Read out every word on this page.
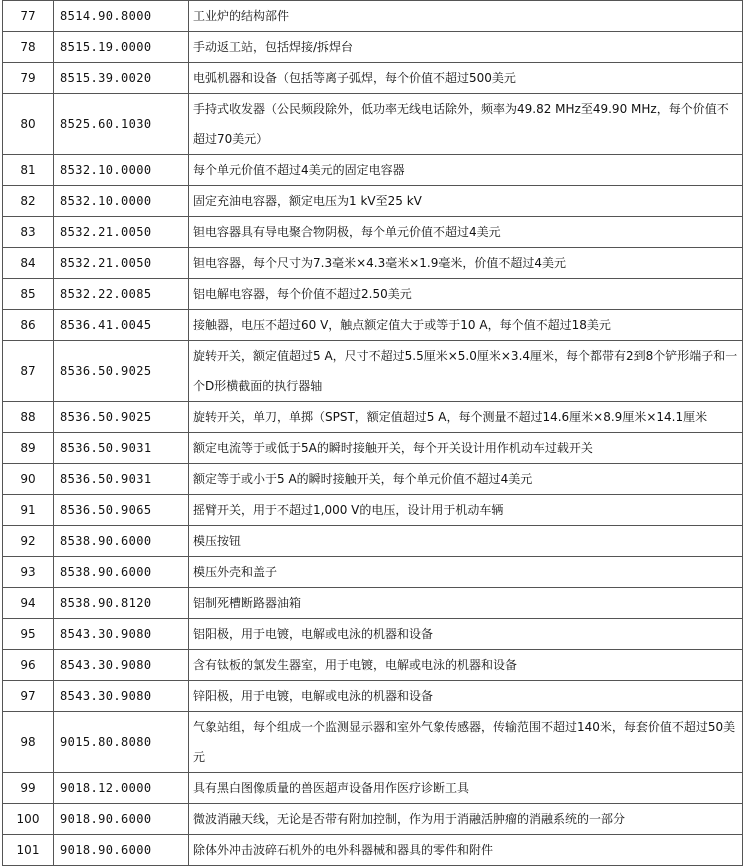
77	8514.90.8000	工业炉的结构部件
78	8515.19.0000	手动返工站，包括焊接/拆焊台
79	8515.39.0020	电弧机器和设备（包括等离子弧焊，每个价值不超过500美元
80	8525.60.1030	手持式收发器（公民频段除外，低功率无线电话除外，频率为49.82 MHz至49.90 MHz，每个价值不超过70美元）
81	8532.10.0000	每个单元价值不超过4美元的固定电容器
82	8532.10.0000	固定充油电容器，额定电压为1 kV至25 kV
83	8532.21.0050	钽电容器具有导电聚合物阴极，每个单元价值不超过4美元
84	8532.21.0050	钽电容器，每个尺寸为7.3毫米×4.3毫米×1.9毫米，价值不超过4美元
85	8532.22.0085	铝电解电容器，每个价值不超过2.50美元
86	8536.41.0045	接触器，电压不超过60 V，触点额定值大于或等于10 A，每个值不超过18美元
87	8536.50.9025	旋转开关，额定值超过5 A，尺寸不超过5.5厘米×5.0厘米×3.4厘米，每个都带有2到8个铲形端子和一个D形横截面的执行器轴
88	8536.50.9025	旋转开关，单刀，单掷（SPST，额定值超过5 A，每个测量不超过14.6厘米×8.9厘米×14.1厘米
89	8536.50.9031	额定电流等于或低于5A的瞬时接触开关，每个开关设计用作机动车过载开关
90	8536.50.9031	额定等于或小于5 A的瞬时接触开关，每个单元价值不超过4美元
91	8536.50.9065	摇臂开关，用于不超过1,000 V的电压，设计用于机动车辆
92	8538.90.6000	模压按钮
93	8538.90.6000	模压外壳和盖子
94	8538.90.8120	铝制死槽断路器油箱
95	8543.30.9080	铝阳极，用于电镀，电解或电泳的机器和设备
96	8543.30.9080	含有钛板的氯发生器室，用于电镀，电解或电泳的机器和设备
97	8543.30.9080	锌阳极，用于电镀，电解或电泳的机器和设备
98	9015.80.8080	气象站组，每个组成一个监测显示器和室外气象传感器，传输范围不超过140米，每套价值不超过50美元
99	9018.12.0000	具有黑白图像质量的兽医超声设备用作医疗诊断工具
100	9018.90.6000	微波消融天线，无论是否带有附加控制，作为用于消融活肿瘤的消融系统的一部分
101	9018.90.6000	除体外冲击波碎石机外的电外科器械和器具的零件和附件
